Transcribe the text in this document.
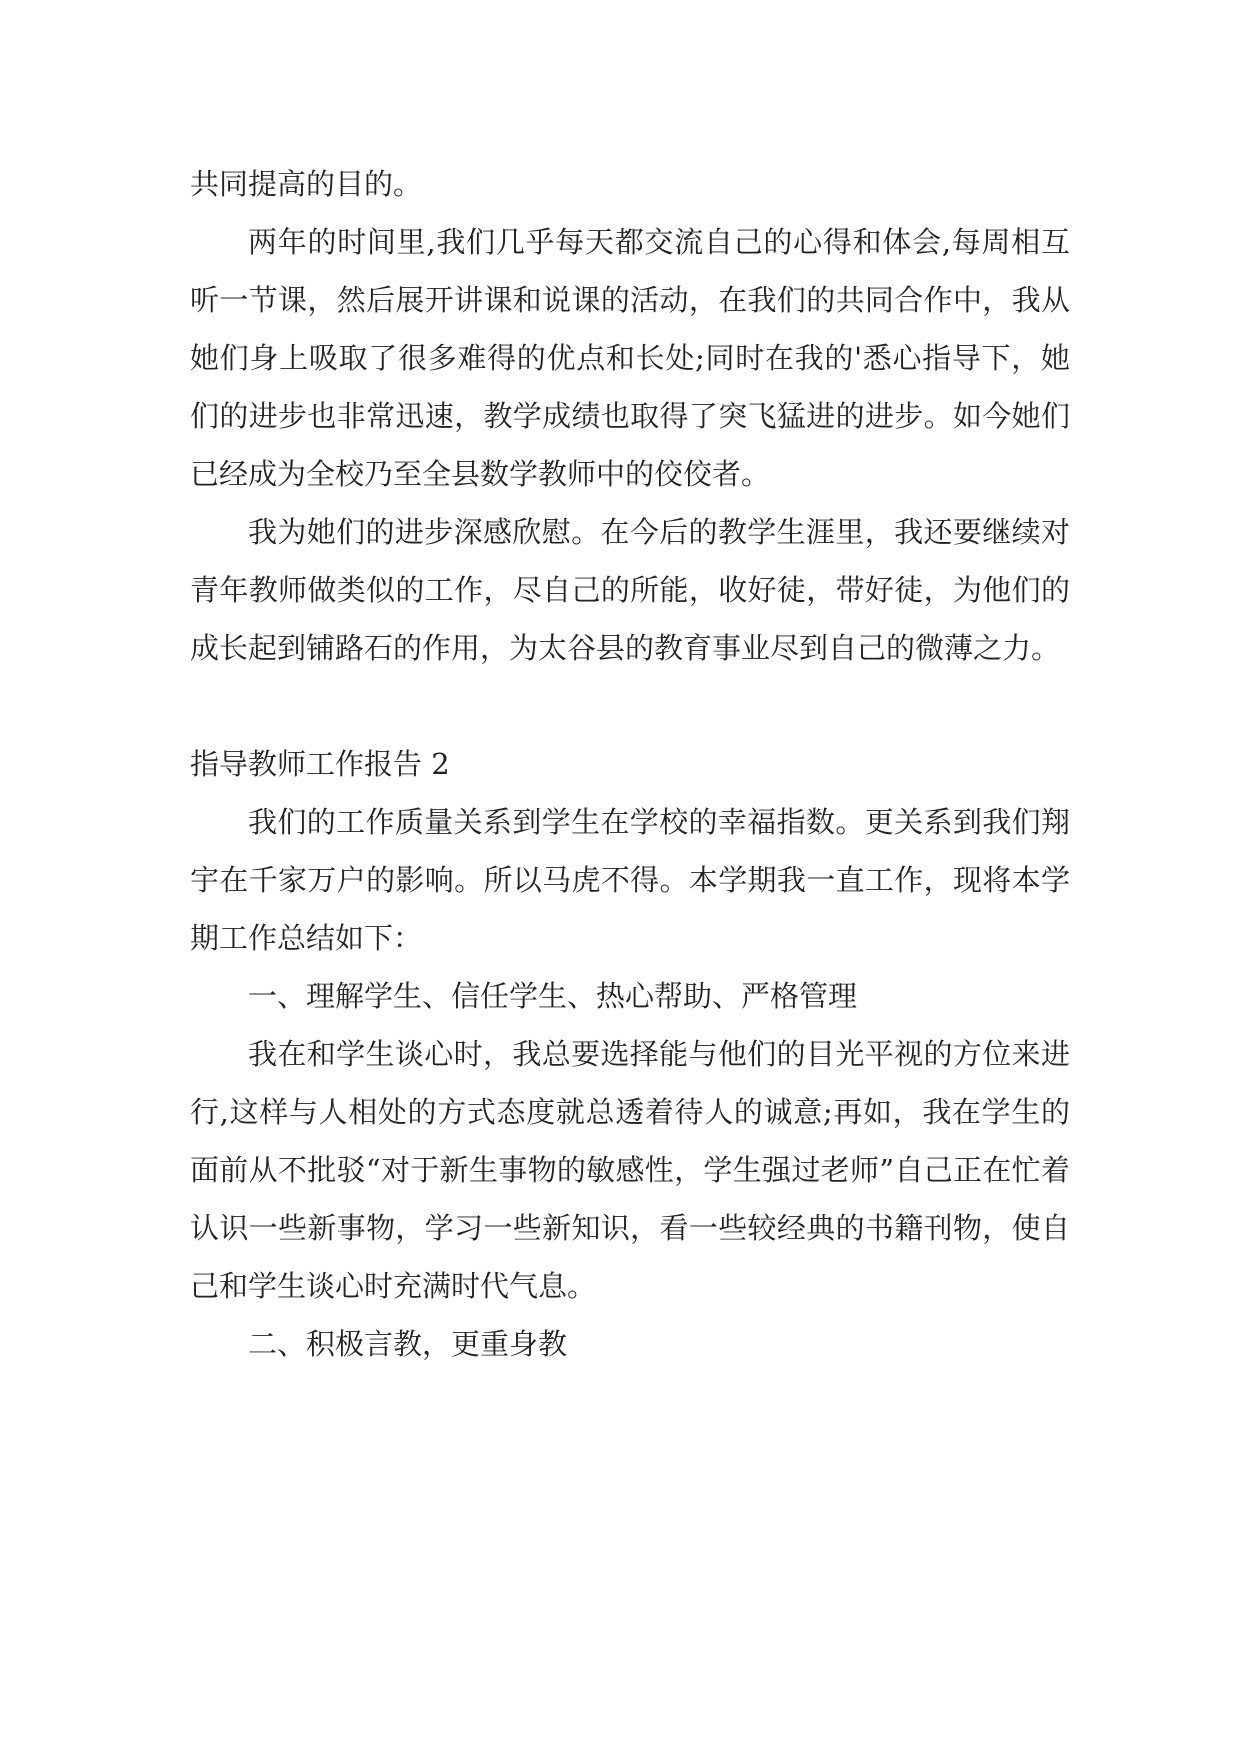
共同提高的目的。

两年的时间里,我们几乎每天都交流自己的心得和体会,每周相互听一节课，然后展开讲课和说课的活动，在我们的共同合作中，我从她们身上吸取了很多难得的优点和长处;同时在我的'悉心指导下，她们的进步也非常迅速，教学成绩也取得了突飞猛进的进步。如今她们已经成为全校乃至全县数学教师中的佼佼者。

我为她们的进步深感欣慰。在今后的教学生涯里，我还要继续对青年教师做类似的工作，尽自己的所能，收好徒，带好徒，为他们的成长起到铺路石的作用，为太谷县的教育事业尽到自己的微薄之力。

指导教师工作报告 2

我们的工作质量关系到学生在学校的幸福指数。更关系到我们翔宇在千家万户的影响。所以马虎不得。本学期我一直工作，现将本学期工作总结如下：

一、理解学生、信任学生、热心帮助、严格管理

我在和学生谈心时，我总要选择能与他们的目光平视的方位来进行,这样与人相处的方式态度就总透着待人的诚意;再如，我在学生的面前从不批驳“对于新生事物的敏感性，学生强过老师”自己正在忙着认识一些新事物，学习一些新知识，看一些较经典的书籍刊物，使自己和学生谈心时充满时代气息。

二、积极言教，更重身教
